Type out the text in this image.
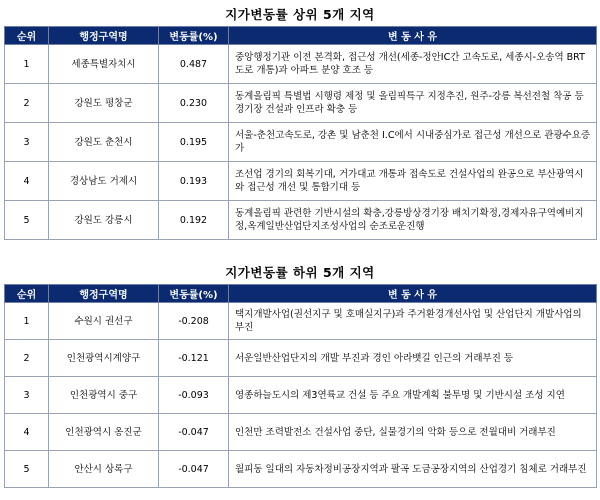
지가변동률 상위 5개 지역
순위	행정구역명	변동률(%)	변 동 사 유
1	세종특별자치시	0.487	중앙행정기관 이전 본격화, 접근성 개선(세종-정안IC간 고속도로, 세종시-오송역 BRT도로 개통)과 아파트 분양 호조 등
2	강원도 평창군	0.230	동계올림픽 특별법 시행령 제정 및 올림픽특구 지정추진, 원주-강릉 복선전철 착공 등 경기장 건설과 인프라 확충 등
3	강원도 춘천시	0.195	서울-춘천고속도로, 강촌 및 남춘천 I.C에서 시내중심가로 접근성 개선으로 관광수요증가
4	경상남도 거제시	0.193	조선업 경기의 회복기대, 거가대교 개통과 접속도로 건설사업의 완공으로 부산광역시와 접근성 개선 및 통합기대 등
5	강원도 강릉시	0.192	동계올림픽 관련한 기반시설의 확충,강릉방상경기장 배치기확정,경제자유구역예비지정,옥계일반산업단지조성사업의 순조로운진행
지가변동률 하위 5개 지역
순위	행정구역명	변동률(%)	변 동 사 유
1	수원시 권선구	-0.208	택지개발사업(권선지구 및 호매실지구)과 주거환경개선사업 및 산업단지 개발사업의 부진
2	인천광역시계양구	-0.121	서운일반산업단지의 개발 부진과 경인 아라뱃길 인근의 거래부진 등
3	인천광역시 중구	-0.093	영종하늘도시의 제3연륙교 건설 등 주요 개발계획 불투명 및 기반시설 조성 지연
4	인천광역시 옹진군	-0.047	인천만 조력발전소 건설사업 중단, 실물경기의 악화 등으로 전월대비 거래부진
5	안산시 상록구	-0.047	월피동 일대의 자동차정비공장지역과 팔곡 도금공장지역의 산업경기 침체로 거래부진
